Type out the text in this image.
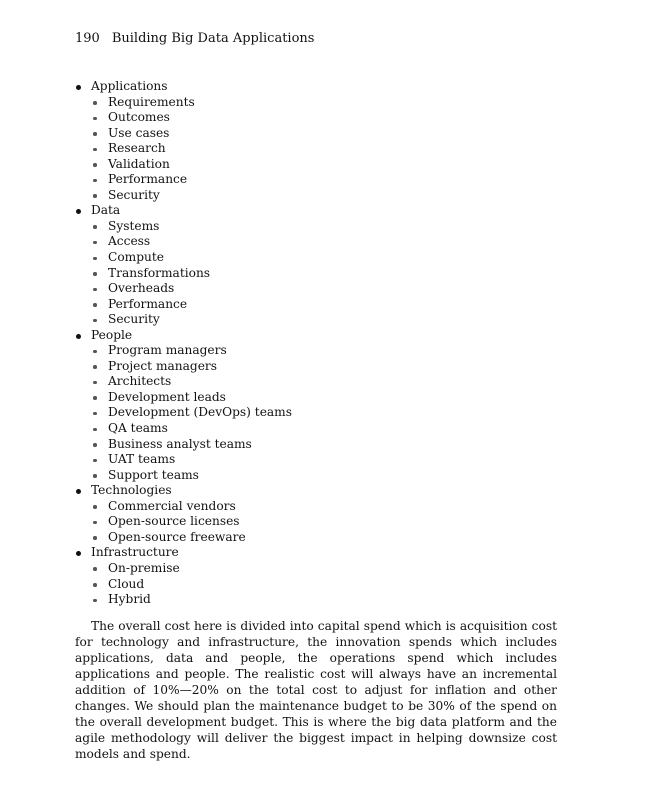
190 Building Big Data Applications
Applications
Requirements
Outcomes
Use cases
Research
Validation
Performance
Security
Data
Systems
Access
Compute
Transformations
Overheads
Performance
Security
People
Program managers
Project managers
Architects
Development leads
Development (DevOps) teams
QA teams
Business analyst teams
UAT teams
Support teams
Technologies
Commercial vendors
Open-source licenses
Open-source freeware
Infrastructure
On-premise
Cloud
Hybrid

The overall cost here is divided into capital spend which is acquisition cost for technology and infrastructure, the innovation spends which includes applications, data and people, the operations spend which includes applications and people. The realistic cost will always have an incremental addition of 10%—20% on the total cost to adjust for inflation and other changes. We should plan the maintenance budget to be 30% of the spend on the overall development budget. This is where the big data platform and the agile methodology will deliver the biggest impact in helping downsize cost models and spend.
